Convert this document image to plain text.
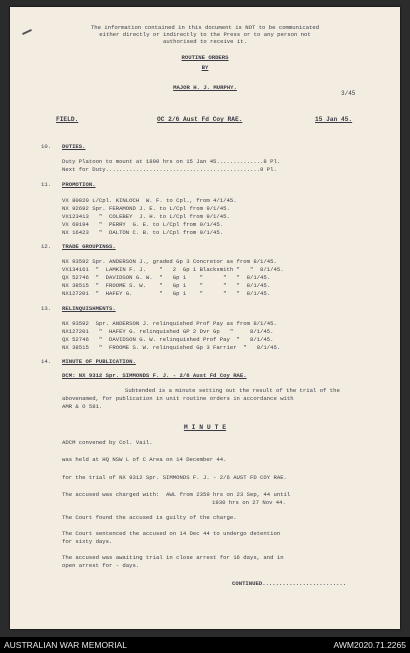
The information contained in this document is NOT to be communicated
either directly or indirectly to the Press or to any person not
authorised to receive it.
ROUTINE ORDERS
BY
3/45
MAJOR H. J. MURPHY.
FIELD.	OC 2/6 Aust Fd Coy RAE.	15 Jan 45.
10. DUTIES.
Duty Platoon to mount at 1800 hrs on 15 Jan 45..............8 Pl.
Next for Duty..............................................9 Pl.
11. PROMOTION.
VX 80020 L/Cpl. KINLOCH  W. F. to Cpl., from 4/1/45.
NX 92692 Spr. FERAMOND J. E. to L/Cpl from 9/1/45.
VX123413   "  COLEBEY  J. H. to L/Cpl from 9/1/45.
VX 69194   "  PERRY  G. E. to L/Cpl from 9/1/45.
NX 16423   "  DALTON C. B. to L/Cpl from 9/1/45.
12. TRADE GROUPINGS.
NX 93592 Spr. ANDERSON J., graded Gp 3 Concretor as from 8/1/45.
VX134161  "  LAMKIN F. J.    "   2  Gp 1 Blacksmith "   "  8/1/45.
QX 52746  "  DAVIDSON G. W.  "   Gp 1    "      "   "  8/1/45.
NX 38515  "  FROOME S. W.    "   Gp 1    "      "   "  8/1/45.
NX127201  "  HAFEY G.        "   Gp 1    "      "   "  8/1/45.
13. RELINQUISHMENTS.
NX 93592  Spr. ANDERSON J. relinquished Prof Pay as from 8/1/45.
NX127201   "  HAFEY G. relinquished GP 2 Dvr Gp   "     8/1/45.
QX 52746   "  DAVIDSON G. W. relinquished Prof Pay  "   8/1/45.
NX 38515   "  FROOME S. W. relinquished Gp 3 Farrier  "   8/1/45.
14. MINUTE OF PUBLICATION.
DCM: NX 9312 Spr. SIMMONDS F. J. - 2/6 Aust Fd Coy RAE.
Subtended is a minute setting out the result of the trial of the
abovenamed, for publication in unit routine orders in accordance with
AMR & O 581.
M I N U T E
ADCM convened by Col. Vail.
was held at HQ NSW L of C Area on 14 December 44.
for the trial of NX 9312 Spr. SIMMONDS F. J. - 2/6 AUST FD COY RAE.
The accused was charged with:  AWL from 2359 hrs on 23 Sep, 44 until
1930 hrs on 27 Nov 44.
The Court found the accused is guilty of the charge.
The Court sentenced the accused on 14 Dec 44 to undergo detention
for sixty days.
The accused was awaiting trial in close arrest for 16 days, and in
open arrest for - days.
CONTINUED.........................
AUSTRALIAN WAR MEMORIAL	AWM2020.71.2265
